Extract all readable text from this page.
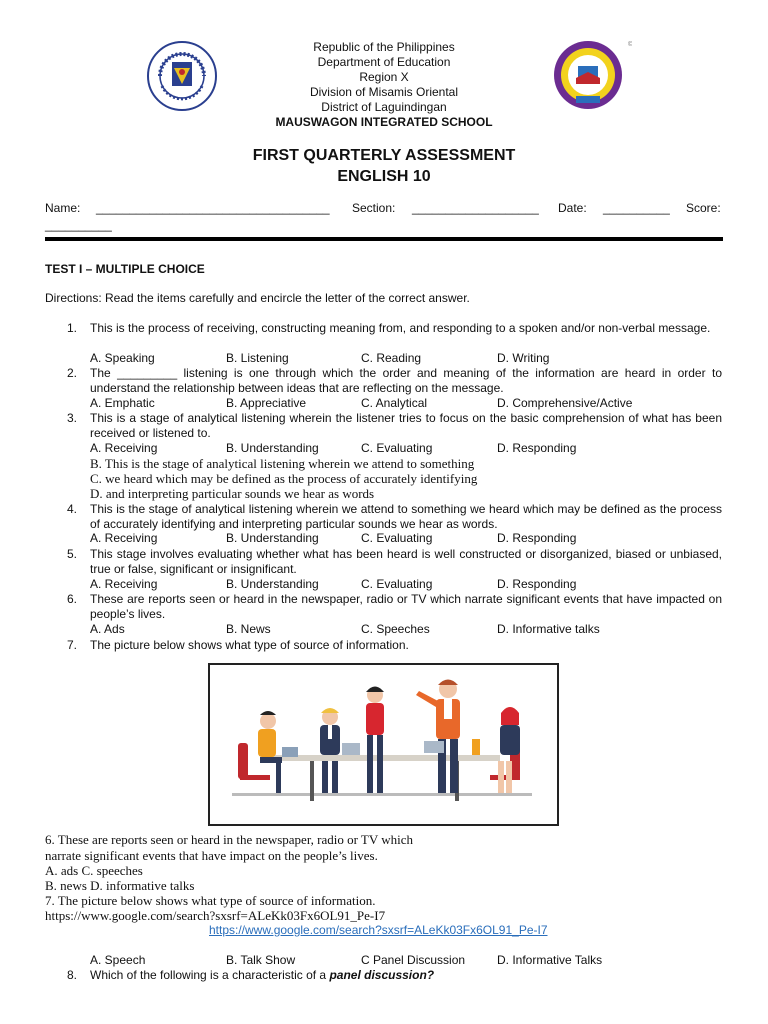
©
Republic of the Philippines
Department of Education
Region X
Division of Misamis Oriental
District of Laguindingan
MAUSWAGON INTEGRATED SCHOOL
FIRST QUARTERLY ASSESSMENT
ENGLISH 10
Name: ___________________________________ Section: ___________________ Date: __________ Score:
__________
TEST I – MULTIPLE CHOICE
Directions: Read the items carefully and encircle the letter of the correct answer.
1. This is the process of receiving, constructing meaning from, and responding to a spoken and/or non-verbal message.
A. Speaking	B. Listening	C. Reading	D. Writing
2. The _________ listening is one through which the order and meaning of the information are heard in order to understand the relationship between ideas that are reflecting on the message.
A. Emphatic	B. Appreciative	C. Analytical	D. Comprehensive/Active
3. This is a stage of analytical listening wherein the listener tries to focus on the basic comprehension of what has been received or listened to.
A. Receiving	B. Understanding	C. Evaluating	D. Responding
B. This is the stage of analytical listening wherein we attend to something
C. we heard which may be defined as the process of accurately identifying
D. and interpreting particular sounds we hear as words
4. This is the stage of analytical listening wherein we attend to something we heard which may be defined as the process of accurately identifying and interpreting particular sounds we hear as words.
A. Receiving	B. Understanding	C. Evaluating	D. Responding
5. This stage involves evaluating whether what has been heard is well constructed or disorganized, biased or unbiased, true or false, significant or insignificant.
A. Receiving	B. Understanding	C. Evaluating	D. Responding
6. These are reports seen or heard in the newspaper, radio or TV which narrate significant events that have impacted on people’s lives.
A. Ads	B. News	C. Speeches	D. Informative talks
7. The picture below shows what type of source of information.
6. These are reports seen or heard in the newspaper, radio or TV which
narrate significant events that have impact on the people’s lives.
A. ads C. speeches
B. news D. informative talks
7. The picture below shows what type of source of information.
https://www.google.com/search?sxsrf=ALeKk03Fx6OL91_Pe-I7
https://www.google.com/search?sxsrf=ALeKk03Fx6OL91_Pe-I7
A. Speech	B. Talk Show	C Panel Discussion	D. Informative Talks
8. Which of the following is a characteristic of a panel discussion?
